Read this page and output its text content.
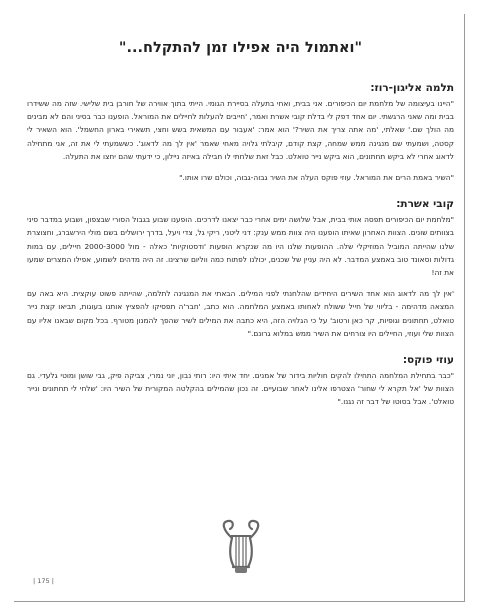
"ואתמול היה אפילו זמן להתקלח..."
תלמה אליגון-רוז:

"היינו בעיצומה של מלחמת יום הכיפורים. אני בבית, ואחי בתעלה בסיירת הגומי. הייתי בתוך אווירה של חורבן בית שלישי. שזה מה ששידרו בבית ומה שאני הרגשתי. יום אחד דפק לי בדלת קובי אשרת ואמר, 'חייבים להעלות לחיילים את המוראל. הופענו כבר בסיני והם לא מבינים מה הולך שם.' שאלתי, 'מה אתה צריך את השיר?' הוא אמר: 'אעבור עם המשאית בשש וחצי, תשאירי בארון החשמל'. הוא השאיר לי קסטה, ושמעתי שם מנגינה ממש שמחה, קצת קודם, קיבלתי גלויה מאחי שאמר 'אין לך מה לדאוג'. כששמעתי לי את זה, אני מתחילה לדאוג אחרי לא ביקש תחתונים, הוא ביקש נייר טואלט. כבל זאת שלחתי לו חבילה באיזה ניילון, כי ידעתי שהם יחצו את התעלה.

"השיר באמת הרים את המוראל. עוזי פוקס העלה את השיר גבוה-גבוה, וכולם שרו אותו."

קובי אשרת:

"מלחמת יום הכיפורים תפסה אותי בבית, אבל שלושה ימים אחרי כבר יצאנו לדרכים. הופענו שבוע בגבול הסורי שבצפון, ושבוע במדבר סיני בצוותים שונים. הצוות האחרון שאיתו הופענו היה צוות ממש ענק: דני ליטני, ריקי גל, צדי ויעל, בדרך ירושלים בשם מולי הירשברג, וחצוצרת שלנו שהייתה המוביל המוזיקלי שלה. ההופעות שלנו היו מה שנקרא הופעות 'ודסטוקיות' כאלה - מול 2000-3000 חיילים, עם במות גדולות וסאונד טוב באמצע המדבר. לא היה עניין של שכנים, יכולנו לפתוח כמה ווליום שרצינו. זה היה מדהים לשמוע, אפילו המצרים שמעו את זה!

'אין לך מה לדאוג הוא אחד השירים היחידים שהלחנתי לפני המילים. הבאתי את המנגינה לתלמה, שהייתה פשוט עוקצית. היא באה עם המצאה מדהימה - בליווי של חייל ששולח לאחותו באמצע המלחמה. הוא כתב, 'חבר'ה תפסיקו להפציץ אותנו בעוגות, תביאו קצת נייר טואלט, תחתונים וגופיות, קר כאן ורטוב' על כי הגלויה הזה, היא כתבה את המילים לשיר שהפך להמנון מטורף. בכל מקום שבאנו אליו עם הצוות שלי ועוזי, החיילים היו צורחים את השיר ממש במלוא גרונם."

עוזי פוקס:

"כבר בתחילת המלחמה התחילו להקים חוליות בידור של אמנים. יחד איתי היו: רותי נבון, יוני נמרי, צביקה פיק, גבי שושן ומוטי גלעדי. גם הצוות של 'אל תקרא לי שחור' הצטרפו אלינו לאחר שבועיים. זה נכון שהמילים בהקלטה המקורית של השיר היו: 'שלחי לי תחתונים ונייר טואלט'. אבל בסוטו של דבר זה נגנו."

| 175 |
